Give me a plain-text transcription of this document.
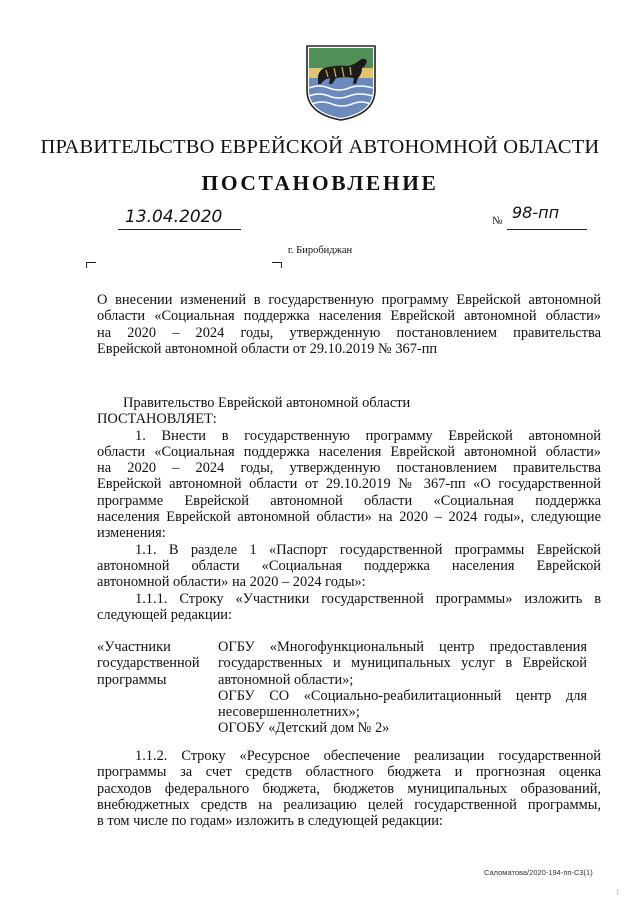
ПРАВИТЕЛЬСТВО ЕВРЕЙСКОЙ АВТОНОМНОЙ ОБЛАСТИ
ПОСТАНОВЛЕНИЕ
13.04.2020	№ 98-пп
г. Биробиджан
О внесении изменений в государственную программу Еврейской автономной
области «Социальная поддержка населения Еврейской автономной области»
на 2020 – 2024 годы, утвержденную постановлением правительства
Еврейской автономной области от 29.10.2019 № 367-пп
Правительство Еврейской автономной области
ПОСТАНОВЛЯЕТ:
1. Внести в государственную программу Еврейской автономной
области «Социальная поддержка населения Еврейской автономной области»
на 2020 – 2024 годы, утвержденную постановлением правительства
Еврейской автономной области от 29.10.2019 № 367-пп «О государственной
программе Еврейской автономной области «Социальная поддержка
населения Еврейской автономной области» на 2020 – 2024 годы», следующие
изменения:
1.1. В разделе 1 «Паспорт государственной программы Еврейской
автономной области «Социальная поддержка населения Еврейской
автономной области» на 2020 – 2024 годы»:
1.1.1. Строку «Участники государственной программы» изложить в
следующей редакции:
«Участники
государственной
программы
ОГБУ «Многофункциональный центр предоставления
государственных и муниципальных услуг в Еврейской
автономной области»;
ОГБУ СО «Социально-реабилитационный центр для
несовершеннолетних»;
ОГОБУ «Детский дом № 2»
1.1.2. Строку «Ресурсное обеспечение реализации государственной
программы за счет средств областного бюджета и прогнозная оценка
расходов федерального бюджета, бюджетов муниципальных образований,
внебюджетных средств на реализацию целей государственной программы,
в том числе по годам» изложить в следующей редакции:
Саломатова/2020-194-пп-С3(1)
1
